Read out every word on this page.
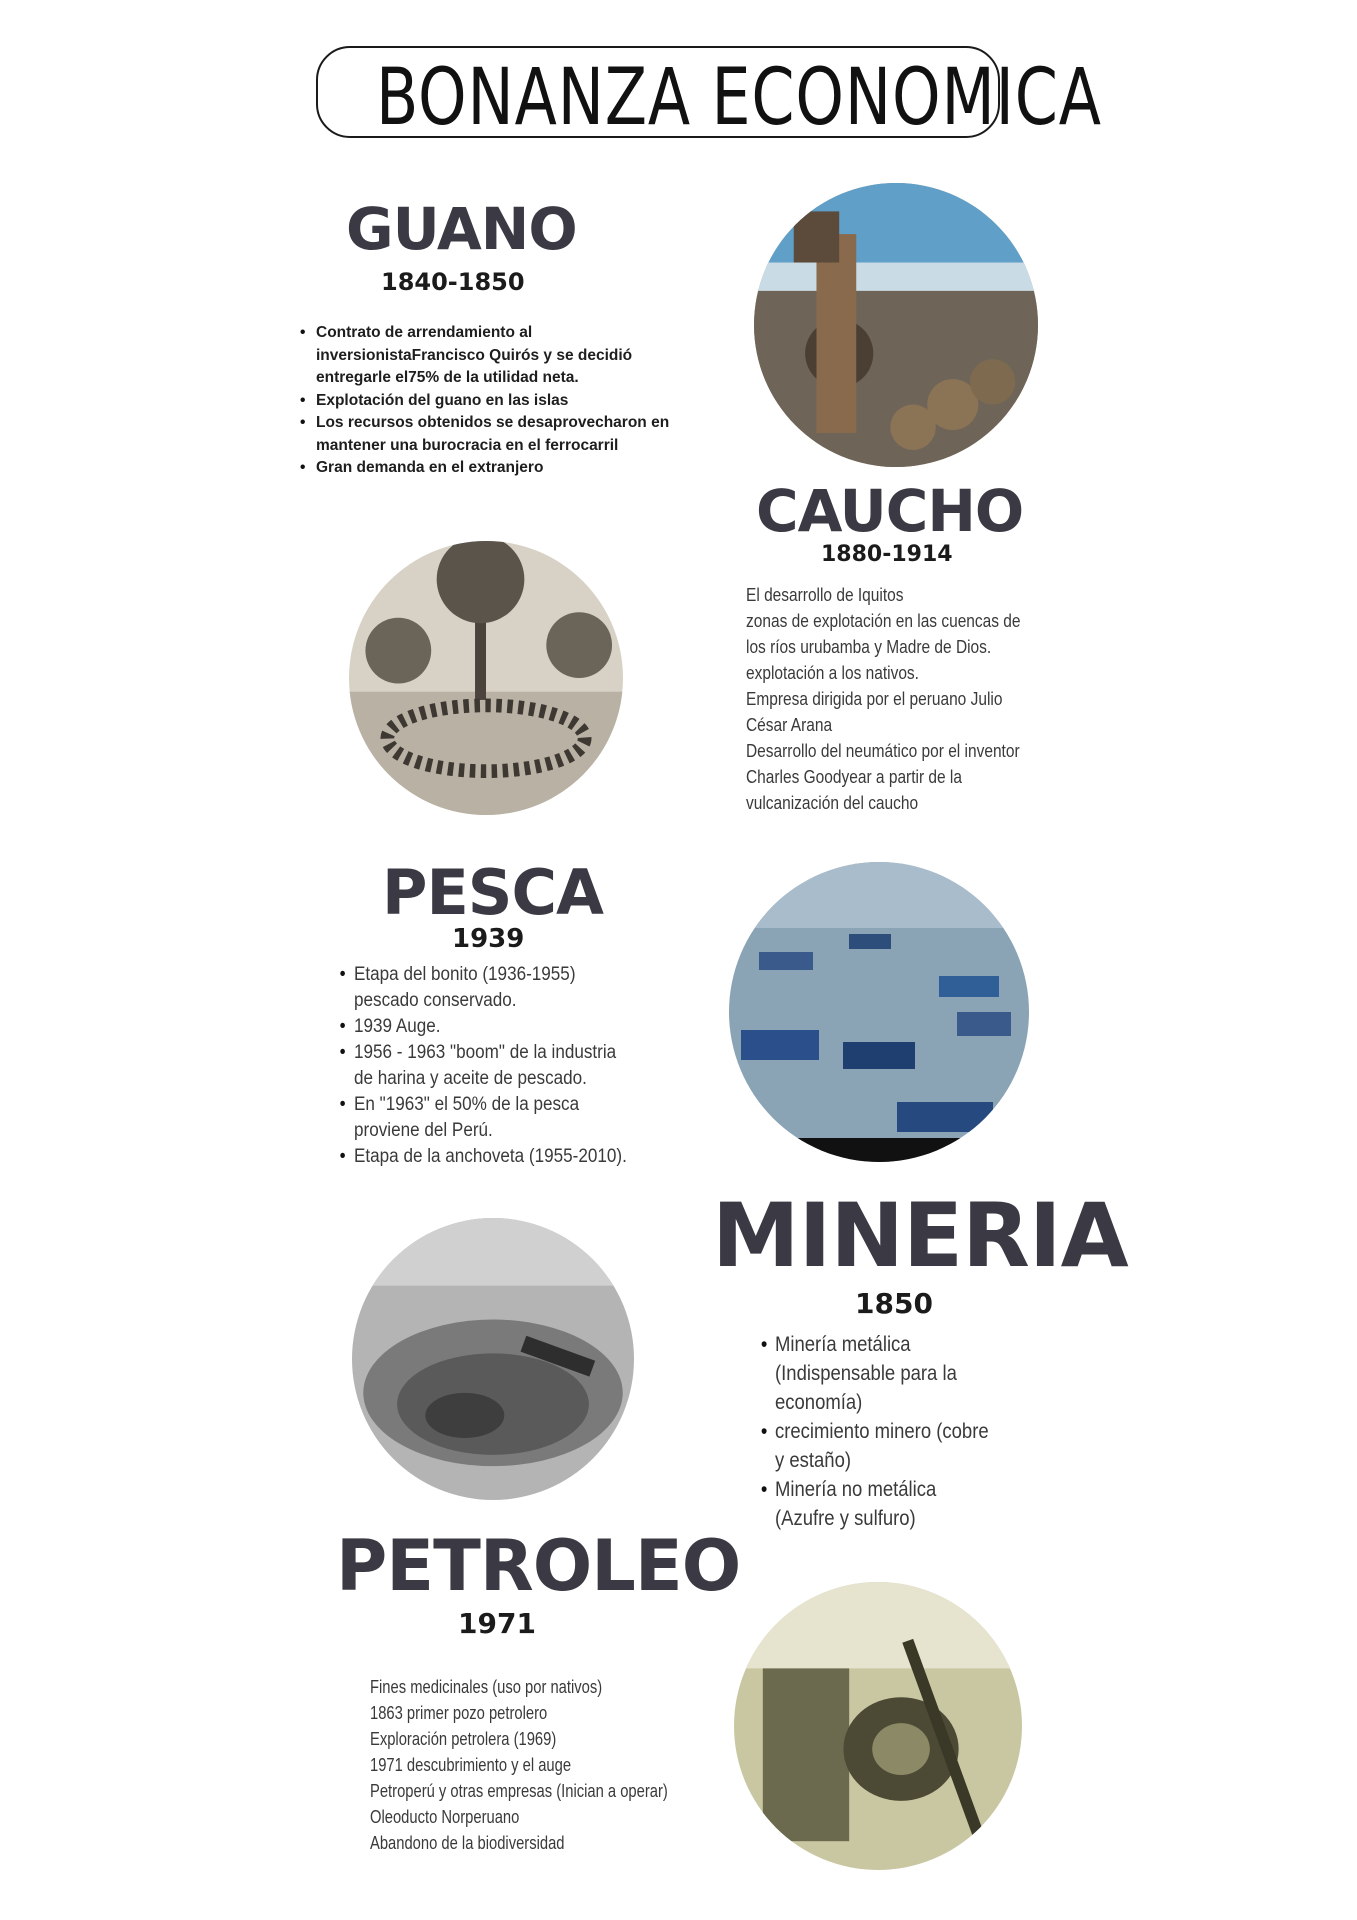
BONANZA ECONOMICA
GUANO
1840-1850
• Contrato de arrendamiento al inversionistaFrancisco Quirós y se decidió entregarle el75% de la utilidad neta.
• Explotación del guano en las islas
• Los recursos obtenidos se desaprovecharon en mantener una burocracia en el ferrocarril
• Gran demanda en el extranjero
CAUCHO
1880-1914
El desarrollo de Iquitos
zonas de explotación en las cuencas de
los ríos urubamba y Madre de Dios.
explotación a los nativos.
Empresa dirigida por el peruano Julio
César Arana
Desarrollo del neumático por el inventor
Charles Goodyear a partir de la
vulcanización del caucho
PESCA
1939
• Etapa del bonito (1936-1955) pescado conservado.
• 1939 Auge.
• 1956 - 1963 "boom" de la industria de harina y aceite de pescado.
• En "1963" el 50% de la pesca proviene del Perú.
• Etapa de la anchoveta (1955-2010).
MINERIA
1850
• Minería metálica (Indispensable para la economía)
• crecimiento minero (cobre y estaño)
• Minería no metálica (Azufre y sulfuro)
PETROLEO
1971
Fines medicinales (uso por nativos)
1863 primer pozo petrolero
Exploración petrolera (1969)
1971 descubrimiento y el auge
Petroperú y otras empresas (Inician a operar)
Oleoducto Norperuano
Abandono de la biodiversidad
